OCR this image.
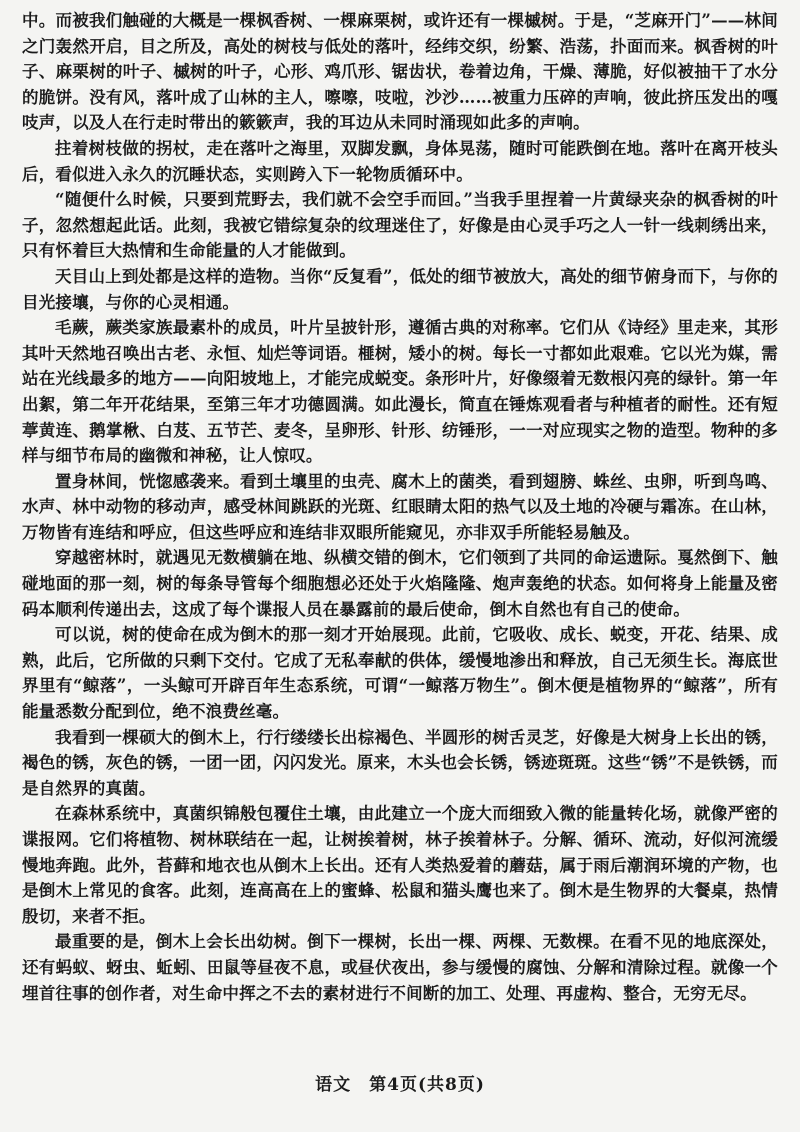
中。而被我们触碰的大概是一棵枫香树、一棵麻栗树，或许还有一棵槭树。于是，“芝麻开门”——林间之门轰然开启，目之所及，高处的树枝与低处的落叶，经纬交织，纷繁、浩荡，扑面而来。枫香树的叶子、麻栗树的叶子、槭树的叶子，心形、鸡爪形、锯齿状，卷着边角，干燥、薄脆，好似被抽干了水分的脆饼。没有风，落叶成了山林的主人，嚓嚓，吱啦，沙沙……被重力压碎的声响，彼此挤压发出的嘎吱声，以及人在行走时带出的簌簌声，我的耳边从未同时涌现如此多的声响。

拄着树枝做的拐杖，走在落叶之海里，双脚发飘，身体晃荡，随时可能跌倒在地。落叶在离开枝头后，看似进入永久的沉睡状态，实则跨入下一轮物质循环中。

“随便什么时候，只要到荒野去，我们就不会空手而回。”当我手里捏着一片黄绿夹杂的枫香树的叶子，忽然想起此话。此刻，我被它错综复杂的纹理迷住了，好像是由心灵手巧之人一针一线刺绣出来，只有怀着巨大热情和生命能量的人才能做到。

天目山上到处都是这样的造物。当你“反复看”，低处的细节被放大，高处的细节俯身而下，与你的目光接壤，与你的心灵相通。

毛蕨，蕨类家族最素朴的成员，叶片呈披针形，遵循古典的对称率。它们从《诗经》里走来，其形其叶天然地召唤出古老、永恒、灿烂等词语。榧树，矮小的树。每长一寸都如此艰难。它以光为媒，需站在光线最多的地方——向阳坡地上，才能完成蜕变。条形叶片，好像缀着无数根闪亮的绿针。第一年出絮，第二年开花结果，至第三年才功德圆满。如此漫长，简直在锤炼观看者与种植者的耐性。还有短葶黄连、鹅掌楸、白芨、五节芒、麦冬，呈卵形、针形、纺锤形，一一对应现实之物的造型。物种的多样与细节布局的幽微和神秘，让人惊叹。

置身林间，恍惚感袭来。看到土壤里的虫壳、腐木上的菌类，看到翅膀、蛛丝、虫卵，听到鸟鸣、水声、林中动物的移动声，感受林间跳跃的光斑、红眼睛太阳的热气以及土地的冷硬与霜冻。在山林，万物皆有连结和呼应，但这些呼应和连结非双眼所能窥见，亦非双手所能轻易触及。

穿越密林时，就遇见无数横躺在地、纵横交错的倒木，它们领到了共同的命运遗际。戛然倒下、触碰地面的那一刻，树的每条导管每个细胞想必还处于火焰隆隆、炮声轰绝的状态。如何将身上能量及密码本顺利传递出去，这成了每个谍报人员在暴露前的最后使命，倒木自然也有自己的使命。

可以说，树的使命在成为倒木的那一刻才开始展现。此前，它吸收、成长、蜕变，开花、结果、成熟，此后，它所做的只剩下交付。它成了无私奉献的供体，缓慢地渗出和释放，自己无须生长。海底世界里有“鲸落”，一头鲸可开辟百年生态系统，可谓“一鲸落万物生”。倒木便是植物界的“鲸落”，所有能量悉数分配到位，绝不浪费丝毫。

我看到一棵硕大的倒木上，行行缕缕长出棕褐色、半圆形的树舌灵芝，好像是大树身上长出的锈，褐色的锈，灰色的锈，一团一团，闪闪发光。原来，木头也会长锈，锈迹斑斑。这些“锈”不是铁锈，而是自然界的真菌。

在森林系统中，真菌织锦般包覆住土壤，由此建立一个庞大而细致入微的能量转化场，就像严密的谍报网。它们将植物、树林联结在一起，让树挨着树，林子挨着林子。分解、循环、流动，好似河流缓慢地奔跑。此外，苔藓和地衣也从倒木上长出。还有人类热爱着的蘑菇，属于雨后潮润环境的产物，也是倒木上常见的食客。此刻，连高高在上的蜜蜂、松鼠和猫头鹰也来了。倒木是生物界的大餐桌，热情殷切，来者不拒。

最重要的是，倒木上会长出幼树。倒下一棵树，长出一棵、两棵、无数棵。在看不见的地底深处，还有蚂蚁、蚜虫、蚯蚓、田鼠等昼夜不息，或昼伏夜出，参与缓慢的腐蚀、分解和清除过程。就像一个埋首往事的创作者，对生命中挥之不去的素材进行不间断的加工、处理、再虚构、整合，无穷无尽。

语文　第4页(共8页)
